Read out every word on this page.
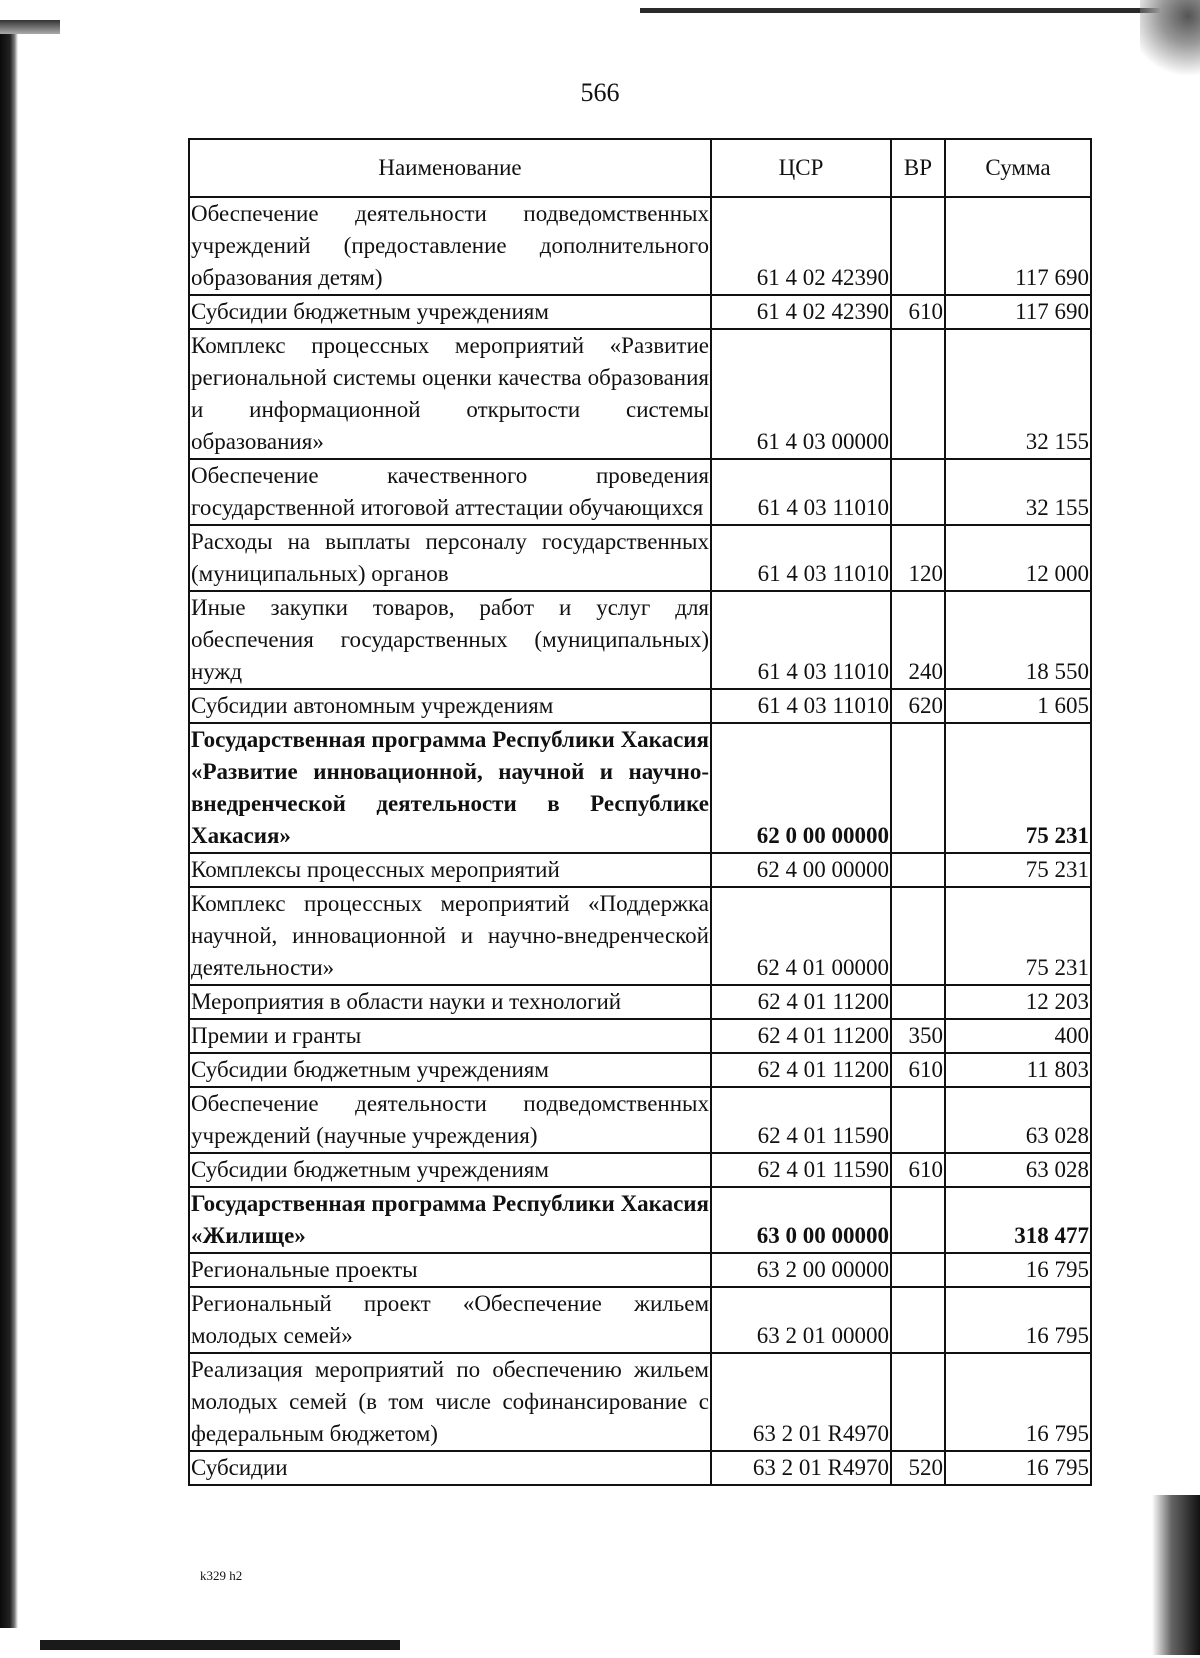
566
Наименование	ЦСР	ВР	Сумма
Обеспечение деятельности подведомственных учреждений (предоставление дополнительного образования детям)	61 4 02 42390		117 690
Субсидии бюджетным учреждениям	61 4 02 42390	610	117 690
Комплекс процессных мероприятий «Развитие региональной системы оценки качества образования и информационной открытости системы образования»	61 4 03 00000		32 155
Обеспечение качественного проведения государственной итоговой аттестации обучающихся	61 4 03 11010		32 155
Расходы на выплаты персоналу государственных (муниципальных) органов	61 4 03 11010	120	12 000
Иные закупки товаров, работ и услуг для обеспечения государственных (муниципальных) нужд	61 4 03 11010	240	18 550
Субсидии автономным учреждениям	61 4 03 11010	620	1 605
Государственная программа Республики Хакасия «Развитие инновационной, научной и научно-внедренческой деятельности в Республике Хакасия»	62 0 00 00000		75 231
Комплексы процессных мероприятий	62 4 00 00000		75 231
Комплекс процессных мероприятий «Поддержка научной, инновационной и научно-внедренческой деятельности»	62 4 01 00000		75 231
Мероприятия в области науки и технологий	62 4 01 11200		12 203
Премии и гранты	62 4 01 11200	350	400
Субсидии бюджетным учреждениям	62 4 01 11200	610	11 803
Обеспечение деятельности подведомственных учреждений (научные учреждения)	62 4 01 11590		63 028
Субсидии бюджетным учреждениям	62 4 01 11590	610	63 028
Государственная программа Республики Хакасия «Жилище»	63 0 00 00000		318 477
Региональные проекты	63 2 00 00000		16 795
Региональный проект «Обеспечение жильем молодых семей»	63 2 01 00000		16 795
Реализация мероприятий по обеспечению жильем молодых семей (в том числе софинансирование с федеральным бюджетом)	63 2 01 R4970		16 795
Субсидии	63 2 01 R4970	520	16 795
k329 h2
